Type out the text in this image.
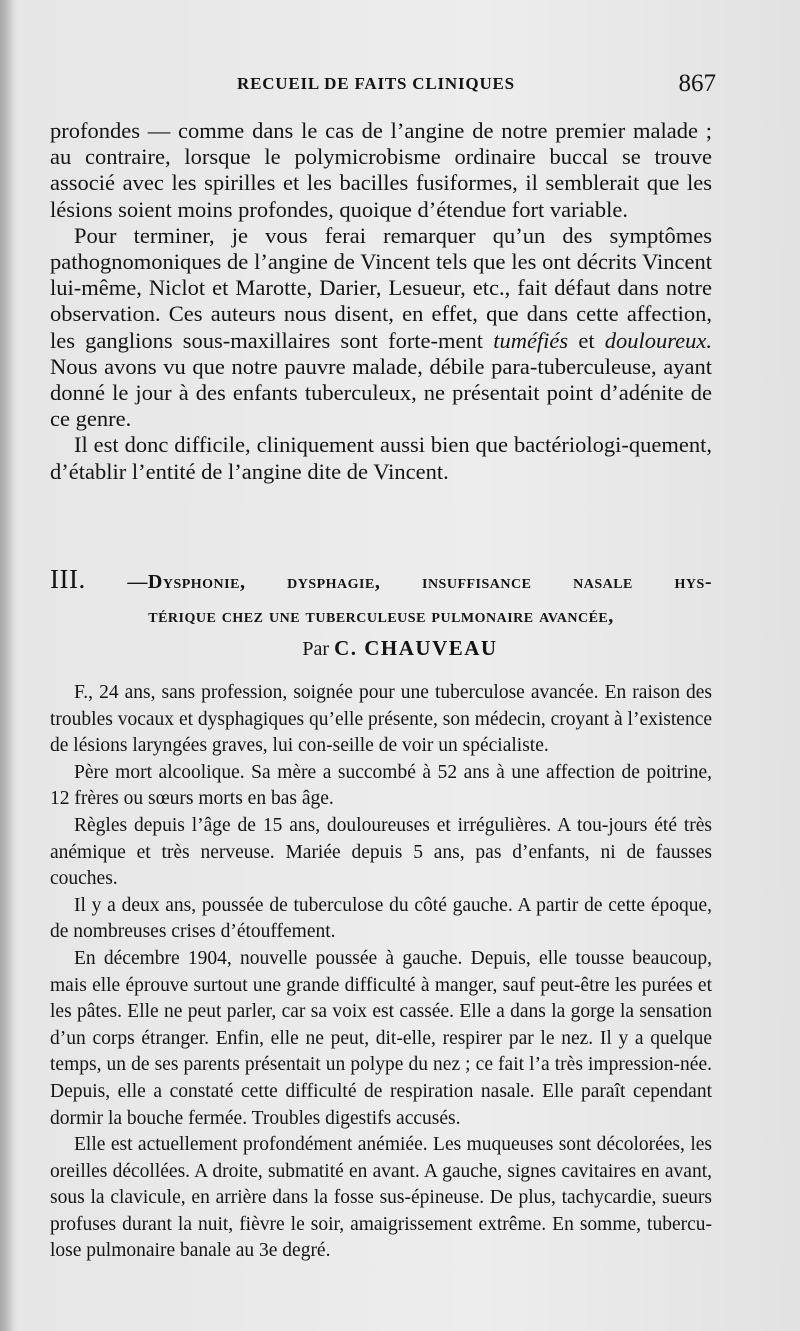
RECUEIL DE FAITS CLINIQUES	867

profondes — comme dans le cas de l’angine de notre premier malade ; au contraire, lorsque le polymicrobisme ordinaire buccal se trouve associé avec les spirilles et les bacilles fusiformes, il semblerait que les lésions soient moins profondes, quoique d’étendue fort variable.

Pour terminer, je vous ferai remarquer qu’un des symptômes pathognomoniques de l’angine de Vincent tels que les ont décrits Vincent lui-même, Niclot et Marotte, Darier, Lesueur, etc., fait défaut dans notre observation. Ces auteurs nous disent, en effet, que dans cette affection, les ganglions sous-maxillaires sont forte-ment tuméfiés et douloureux. Nous avons vu que notre pauvre malade, débile para-tuberculeuse, ayant donné le jour à des enfants tuberculeux, ne présentait point d’adénite de ce genre.

Il est donc difficile, cliniquement aussi bien que bactériologi-quement, d’établir l’entité de l’angine dite de Vincent.

III. —Dysphonie, dysphagie, insuffisance nasale hys-
térique chez une tuberculeuse pulmonaire avancée,
Par C. CHAUVEAU

F., 24 ans, sans profession, soignée pour une tuberculose avancée. En raison des troubles vocaux et dysphagiques qu’elle présente, son médecin, croyant à l’existence de lésions laryngées graves, lui con-seille de voir un spécialiste.

Père mort alcoolique. Sa mère a succombé à 52 ans à une affection de poitrine, 12 frères ou sœurs morts en bas âge.

Règles depuis l’âge de 15 ans, douloureuses et irrégulières. A tou-jours été très anémique et très nerveuse. Mariée depuis 5 ans, pas d’enfants, ni de fausses couches.

Il y a deux ans, poussée de tuberculose du côté gauche. A partir de cette époque, de nombreuses crises d’étouffement.

En décembre 1904, nouvelle poussée à gauche. Depuis, elle tousse beaucoup, mais elle éprouve surtout une grande difficulté à manger, sauf peut-être les purées et les pâtes. Elle ne peut parler, car sa voix est cassée. Elle a dans la gorge la sensation d’un corps étranger. Enfin, elle ne peut, dit-elle, respirer par le nez. Il y a quelque temps, un de ses parents présentait un polype du nez ; ce fait l’a très impression-née. Depuis, elle a constaté cette difficulté de respiration nasale. Elle paraît cependant dormir la bouche fermée. Troubles digestifs accusés.

Elle est actuellement profondément anémiée. Les muqueuses sont décolorées, les oreilles décollées. A droite, submatité en avant. A gauche, signes cavitaires en avant, sous la clavicule, en arrière dans la fosse sus-épineuse. De plus, tachycardie, sueurs profuses durant la nuit, fièvre le soir, amaigrissement extrême. En somme, tubercu-lose pulmonaire banale au 3e degré.
